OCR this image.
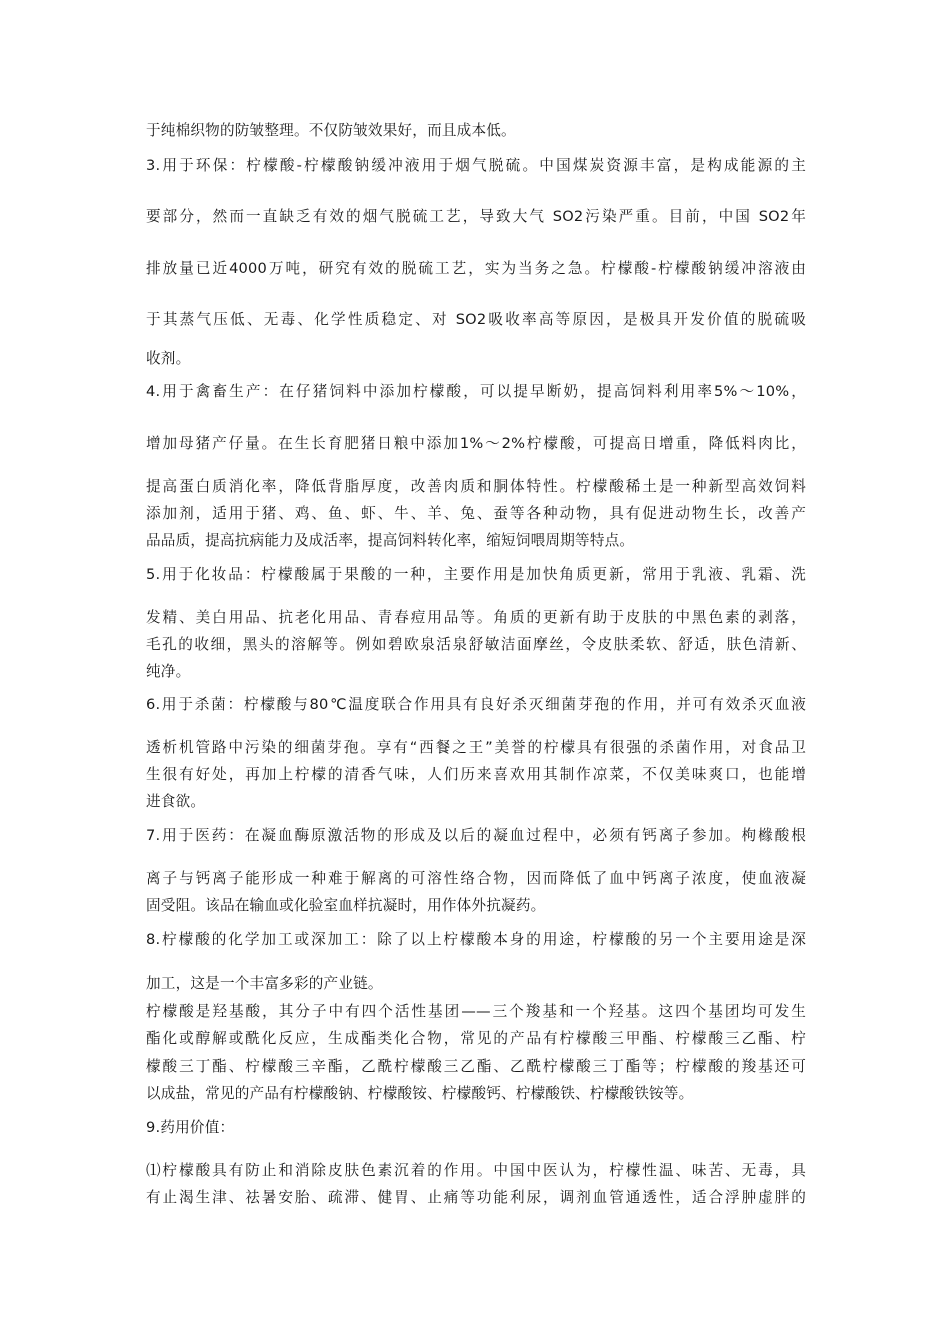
于纯棉织物的防皱整理。不仅防皱效果好，而且成本低。
3.用于环保：柠檬酸-柠檬酸钠缓冲液用于烟气脱硫。中国煤炭资源丰富，是构成能源的主
要部分，然而一直缺乏有效的烟气脱硫工艺，导致大气 SO2污染严重。目前，中国 SO2年
排放量已近4000万吨，研究有效的脱硫工艺，实为当务之急。柠檬酸-柠檬酸钠缓冲溶液由
于其蒸气压低、无毒、化学性质稳定、对 SO2吸收率高等原因，是极具开发价值的脱硫吸
收剂。
4.用于禽畜生产：在仔猪饲料中添加柠檬酸，可以提早断奶，提高饲料利用率5%～10%，
增加母猪产仔量。在生长育肥猪日粮中添加1%～2%柠檬酸，可提高日增重，降低料肉比，
提高蛋白质消化率，降低背脂厚度，改善肉质和胴体特性。柠檬酸稀土是一种新型高效饲料
添加剂，适用于猪、鸡、鱼、虾、牛、羊、兔、蚕等各种动物，具有促进动物生长，改善产
品品质，提高抗病能力及成活率，提高饲料转化率，缩短饲喂周期等特点。
5.用于化妆品：柠檬酸属于果酸的一种，主要作用是加快角质更新，常用于乳液、乳霜、洗
发精、美白用品、抗老化用品、青春痘用品等。角质的更新有助于皮肤的中黑色素的剥落，
毛孔的收细，黑头的溶解等。例如碧欧泉活泉舒敏洁面摩丝，令皮肤柔软、舒适，肤色清新、
纯净。
6.用于杀菌：柠檬酸与80℃温度联合作用具有良好杀灭细菌芽孢的作用，并可有效杀灭血液
透析机管路中污染的细菌芽孢。享有“西餐之王”美誉的柠檬具有很强的杀菌作用，对食品卫
生很有好处，再加上柠檬的清香气味，人们历来喜欢用其制作凉菜，不仅美味爽口，也能增
进食欲。
7.用于医药：在凝血酶原激活物的形成及以后的凝血过程中，必须有钙离子参加。枸橼酸根
离子与钙离子能形成一种难于解离的可溶性络合物，因而降低了血中钙离子浓度，使血液凝
固受阻。该品在输血或化验室血样抗凝时，用作体外抗凝药。
8.柠檬酸的化学加工或深加工：除了以上柠檬酸本身的用途，柠檬酸的另一个主要用途是深
加工，这是一个丰富多彩的产业链。
柠檬酸是羟基酸，其分子中有四个活性基团——三个羧基和一个羟基。这四个基团均可发生
酯化或醇解或酰化反应，生成酯类化合物，常见的产品有柠檬酸三甲酯、柠檬酸三乙酯、柠
檬酸三丁酯、柠檬酸三辛酯，乙酰柠檬酸三乙酯、乙酰柠檬酸三丁酯等；柠檬酸的羧基还可
以成盐，常见的产品有柠檬酸钠、柠檬酸铵、柠檬酸钙、柠檬酸铁、柠檬酸铁铵等。
9.药用价值：
⑴柠檬酸具有防止和消除皮肤色素沉着的作用。中国中医认为，柠檬性温、味苦、无毒，具
有止渴生津、祛暑安胎、疏滞、健胃、止痛等功能利尿，调剂血管通透性，适合浮肿虚胖的
